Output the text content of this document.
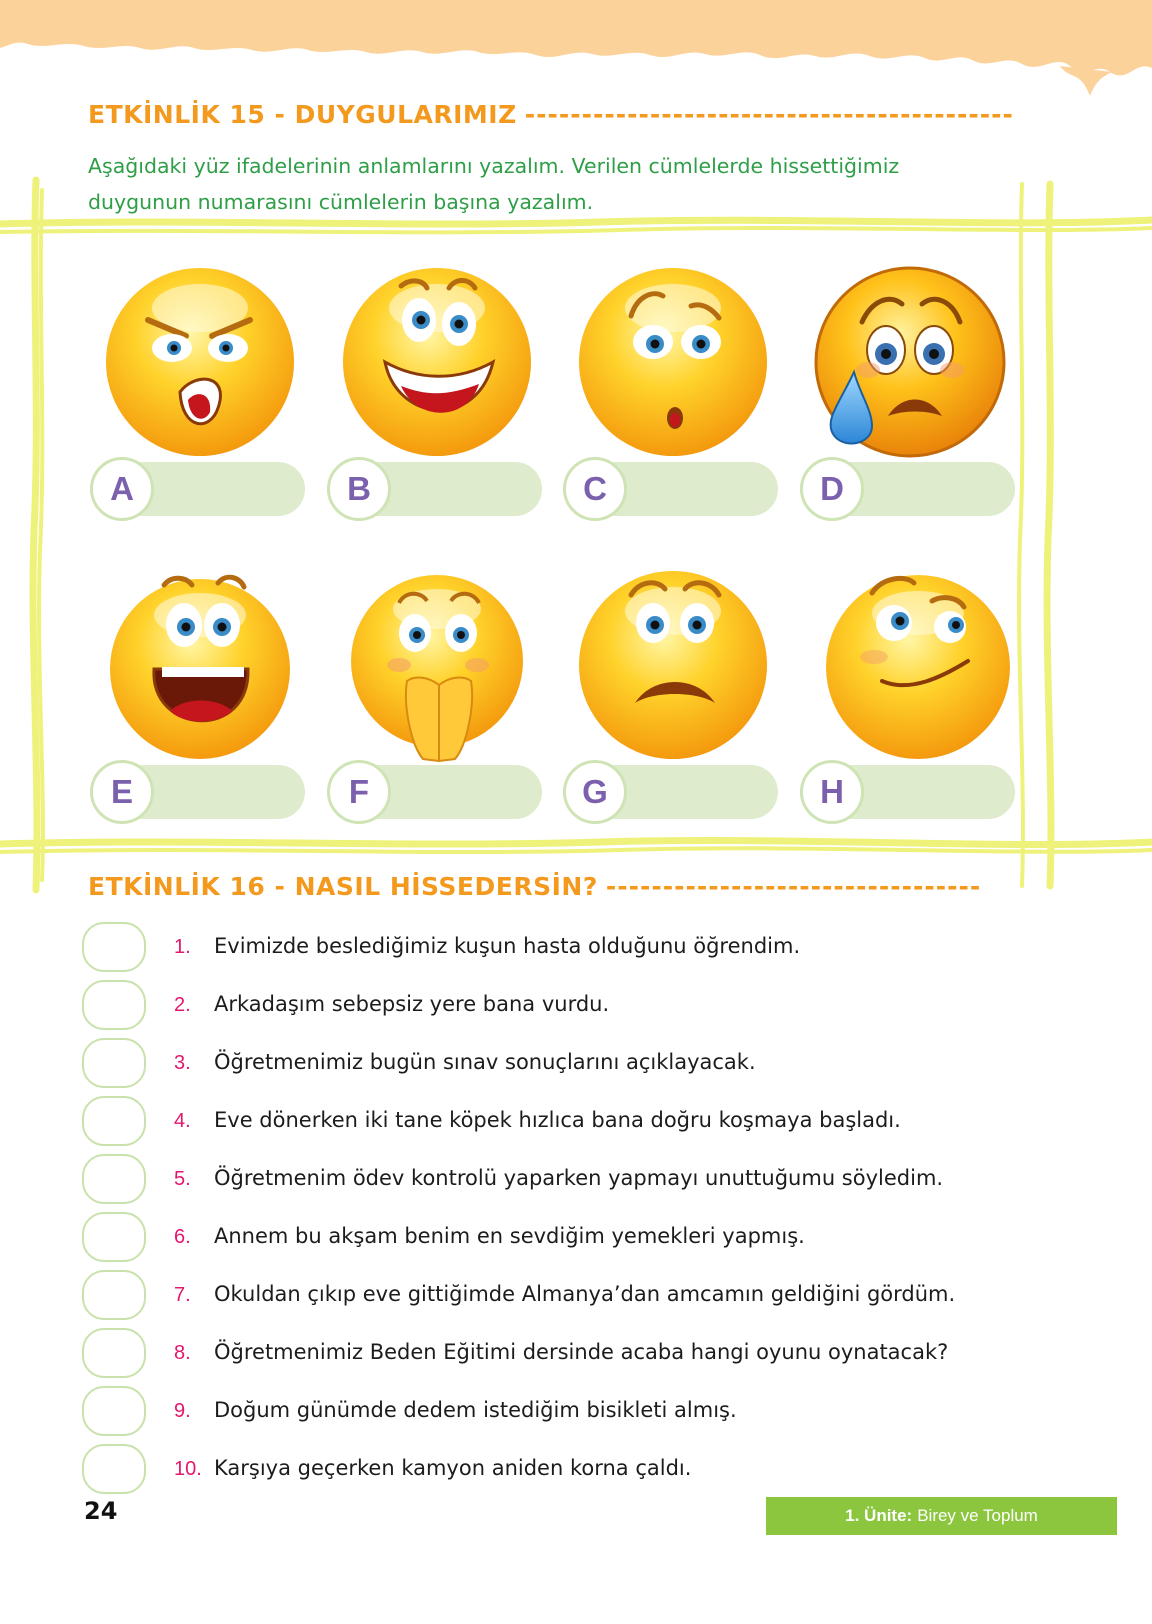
ETKİNLİK 15 - DUYGULARIMIZ -------------------------------------------
Aşağıdaki yüz ifadelerinin anlamlarını yazalım. Verilen cümlelerde hissettiğimiz
duygunun numarasını cümlelerin başına yazalım.
A	B	C	D
E	F	G	H
ETKİNLİK 16 - NASIL HİSSEDERSİN? ---------------------------------
1. Evimizde beslediğimiz kuşun hasta olduğunu öğrendim.
2. Arkadaşım sebepsiz yere bana vurdu.
3. Öğretmenimiz bugün sınav sonuçlarını açıklayacak.
4. Eve dönerken iki tane köpek hızlıca bana doğru koşmaya başladı.
5. Öğretmenim ödev kontrolü yaparken yapmayı unuttuğumu söyledim.
6. Annem bu akşam benim en sevdiğim yemekleri yapmış.
7. Okuldan çıkıp eve gittiğimde Almanya’dan amcamın geldiğini gördüm.
8. Öğretmenimiz Beden Eğitimi dersinde acaba hangi oyunu oynatacak?
9. Doğum günümde dedem istediğim bisikleti almış.
10. Karşıya geçerken kamyon aniden korna çaldı.
24	1. Ünite: Birey ve Toplum
